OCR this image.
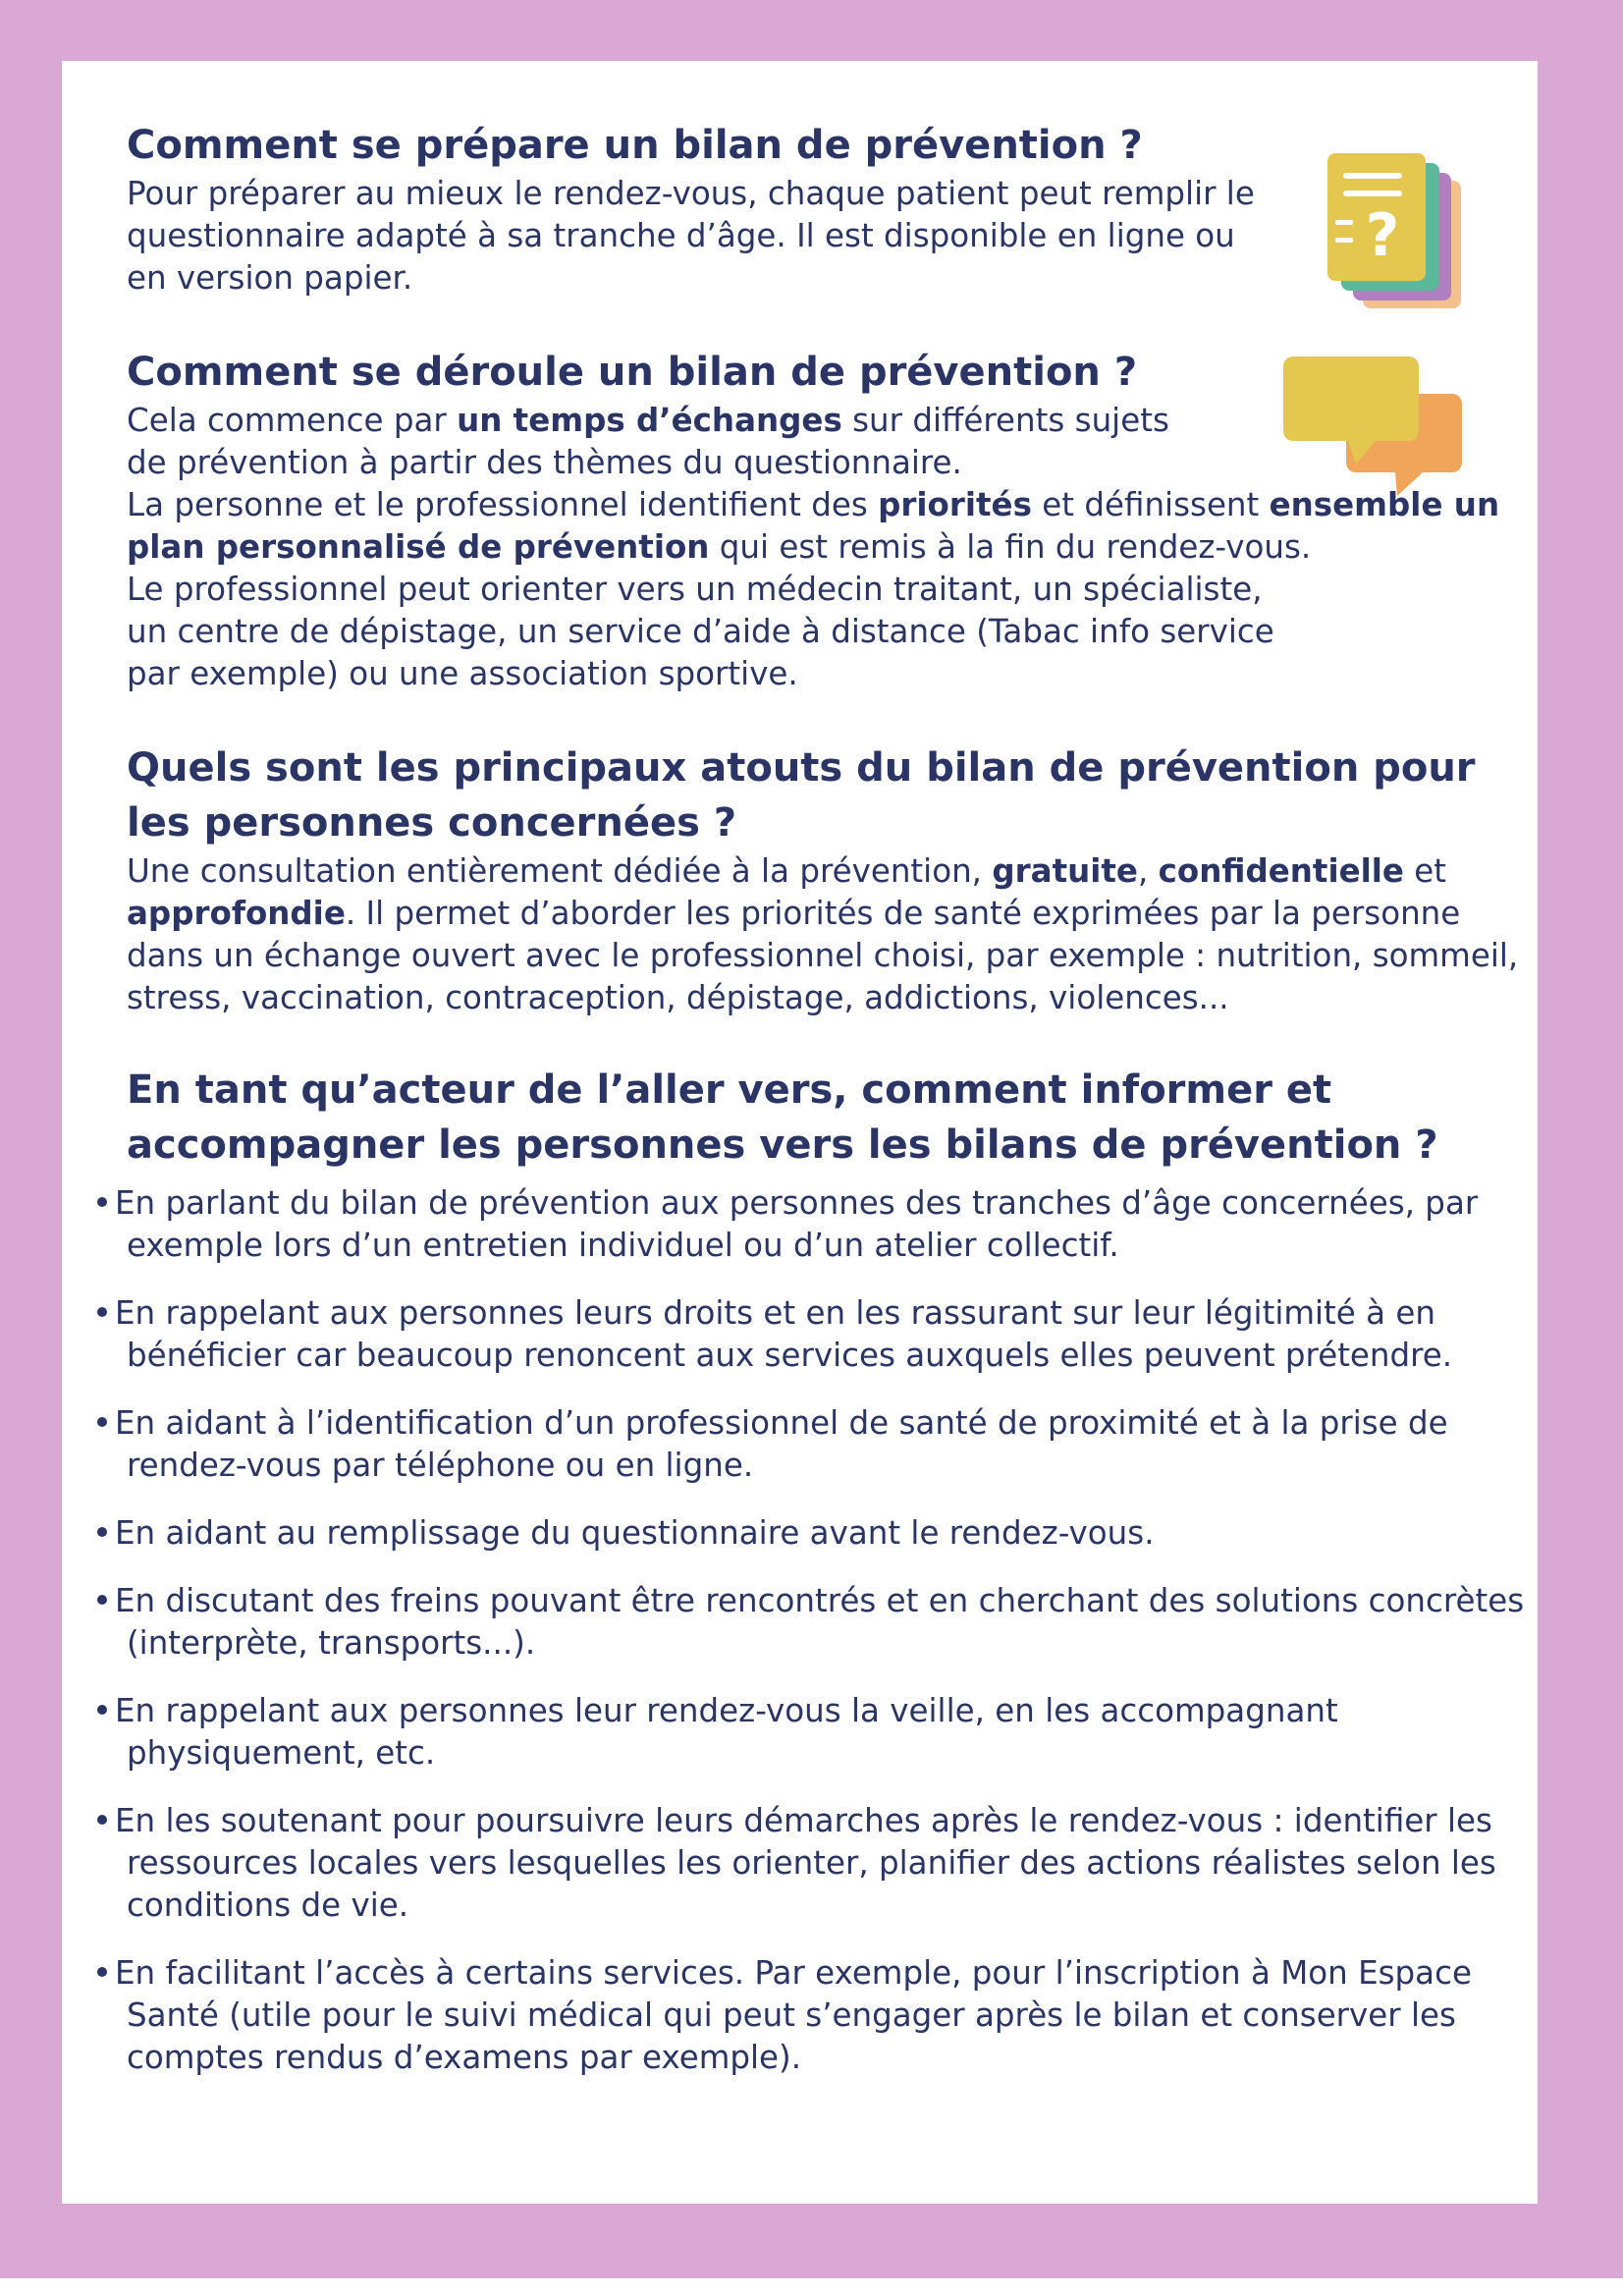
?
Comment se prépare un bilan de prévention ?

Pour préparer au mieux le rendez-vous, chaque patient peut remplir le questionnaire adapté à sa tranche d’âge. Il est disponible en ligne ou en version papier.

Comment se déroule un bilan de prévention ?

Cela commence par un temps d’échanges sur différents sujets de prévention à partir des thèmes du questionnaire.

La personne et le professionnel identifient des priorités et définissent ensemble un plan personnalisé de prévention qui est remis à la fin du rendez-vous.

Le professionnel peut orienter vers un médecin traitant, un spécialiste, un centre de dépistage, un service d’aide à distance (Tabac info service par exemple) ou une association sportive.

Quels sont les principaux atouts du bilan de prévention pour les personnes concernées ?

Une consultation entièrement dédiée à la prévention, gratuite, confidentielle et approfondie. Il permet d’aborder les priorités de santé exprimées par la personne dans un échange ouvert avec le professionnel choisi, par exemple : nutrition, sommeil, stress, vaccination, contraception, dépistage, addictions, violences...

En tant qu’acteur de l’aller vers, comment informer et accompagner les personnes vers les bilans de prévention ?
En parlant du bilan de prévention aux personnes des tranches d’âge concernées, par exemple lors d’un entretien individuel ou d’un atelier collectif.
En rappelant aux personnes leurs droits et en les rassurant sur leur légitimité à en bénéficier car beaucoup renoncent aux services auxquels elles peuvent prétendre.
En aidant à l’identification d’un professionnel de santé de proximité et à la prise de rendez-vous par téléphone ou en ligne.
En aidant au remplissage du questionnaire avant le rendez-vous.
En discutant des freins pouvant être rencontrés et en cherchant des solutions concrètes (interprète, transports...).
En rappelant aux personnes leur rendez-vous la veille, en les accompagnant physiquement, etc.
En les soutenant pour poursuivre leurs démarches après le rendez-vous : identifier les ressources locales vers lesquelles les orienter, planifier des actions réalistes selon les conditions de vie.
En facilitant l’accès à certains services. Par exemple, pour l’inscription à Mon Espace Santé (utile pour le suivi médical qui peut s’engager après le bilan et conserver les comptes rendus d’examens par exemple).
